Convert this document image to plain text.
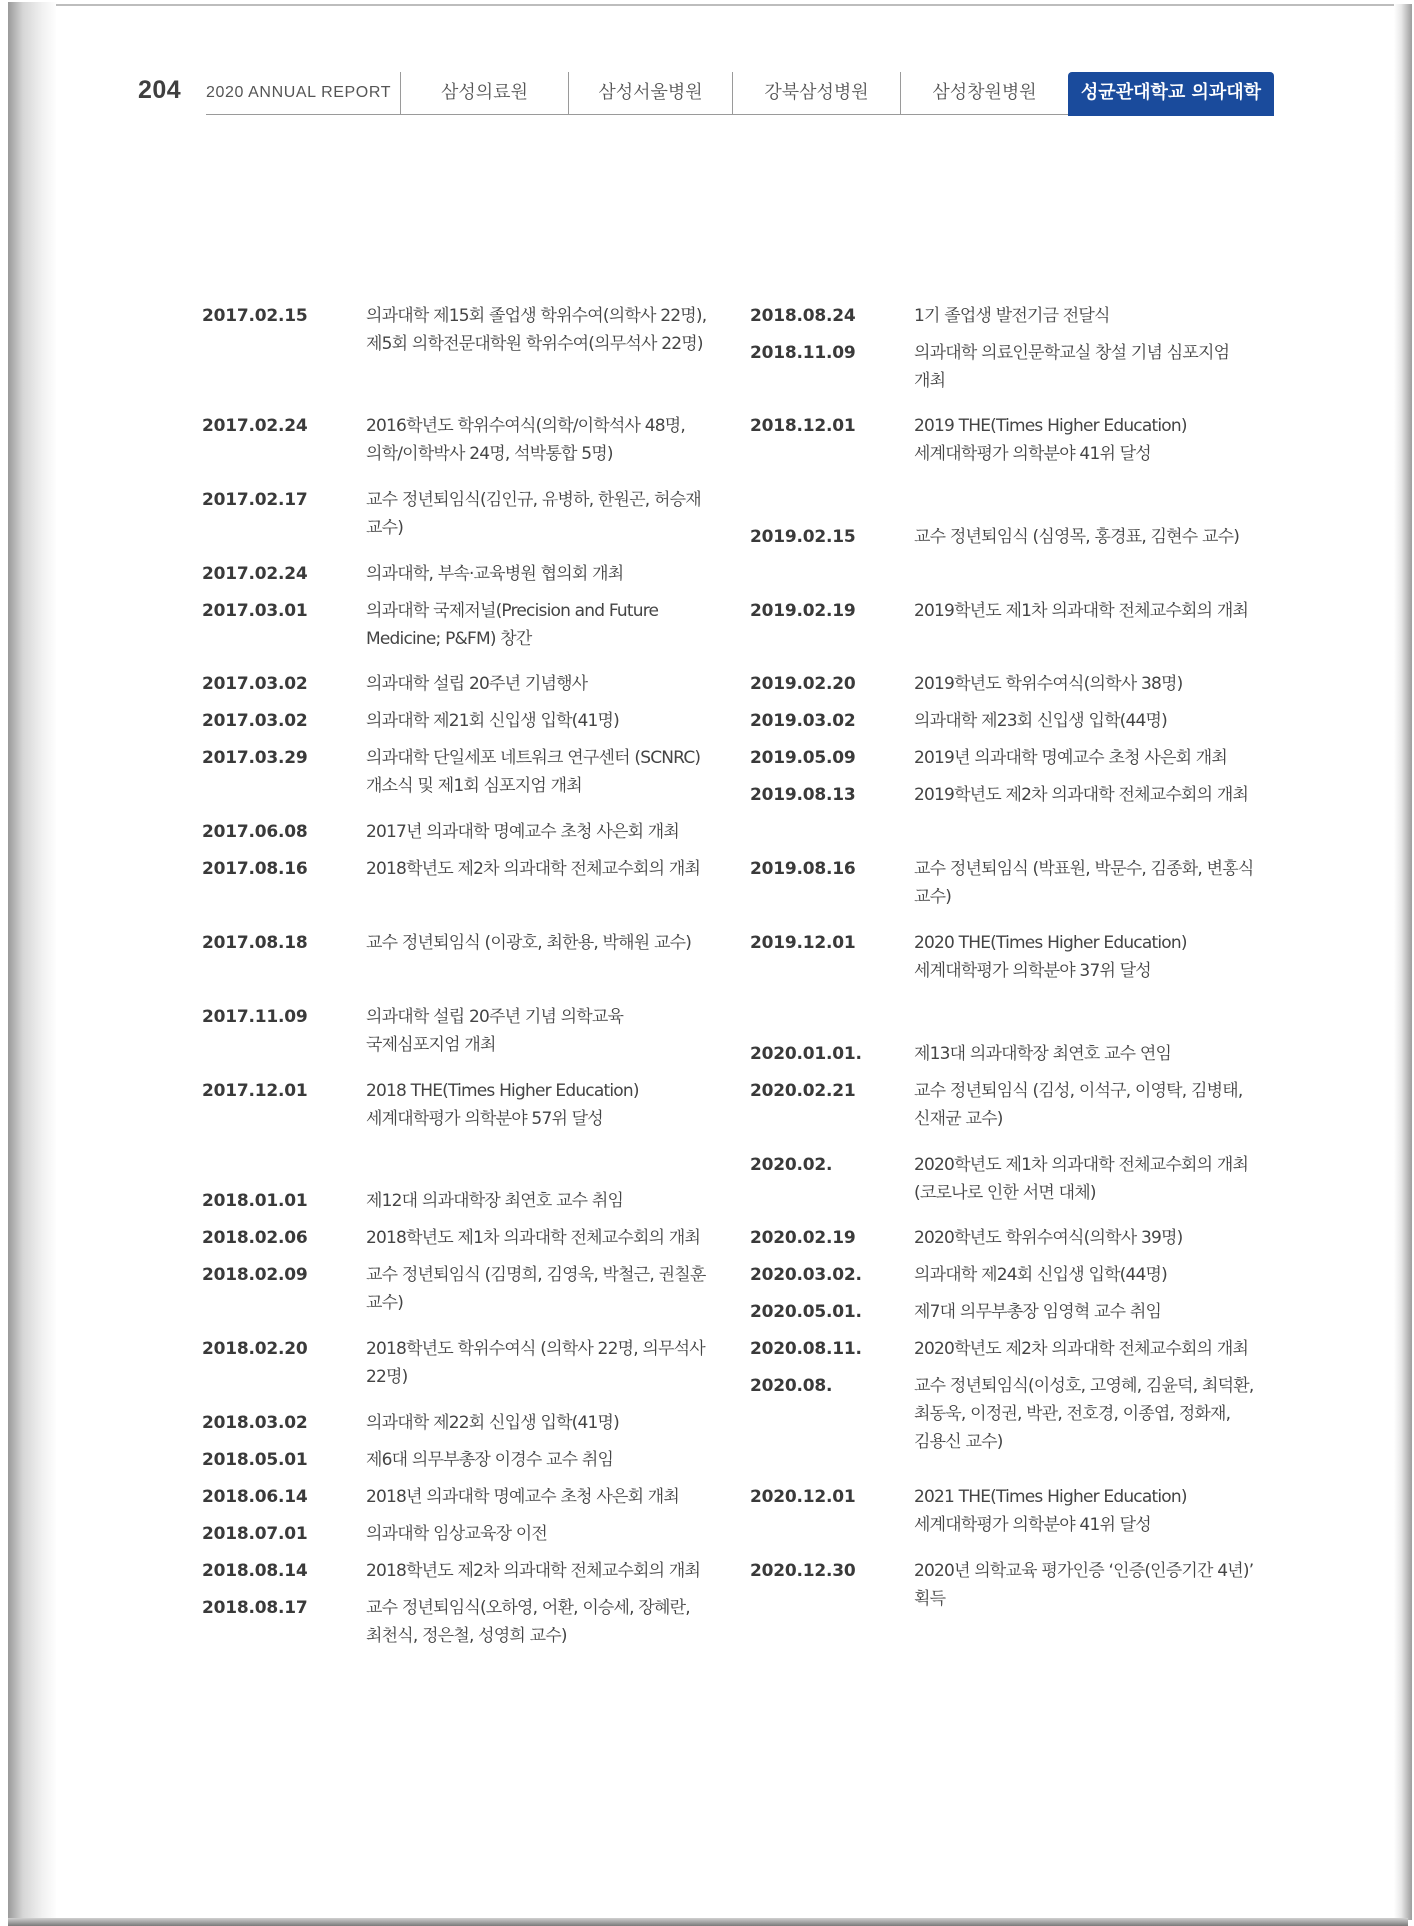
204 2020 ANNUAL REPORT	삼성의료원	삼성서울병원	강북삼성병원	삼성창원병원	성균관대학교 의과대학
2017.02.15	의과대학 제15회 졸업생 학위수여(의학사 22명), 제5회 의학전문대학원 학위수여(의무석사 22명)
2017.02.24	2016학년도 학위수여식(의학/이학석사 48명, 의학/이학박사 24명, 석박통합 5명)
2017.02.17	교수 정년퇴임식(김인규, 유병하, 한원곤, 허승재 교수)
2017.02.24	의과대학, 부속·교육병원 협의회 개최
2017.03.01	의과대학 국제저널(Precision and Future Medicine; P&FM) 창간
2017.03.02	의과대학 설립 20주년 기념행사
2017.03.02	의과대학 제21회 신입생 입학(41명)
2017.03.29	의과대학 단일세포 네트워크 연구센터 (SCNRC) 개소식 및 제1회 심포지엄 개최
2017.06.08	2017년 의과대학 명예교수 초청 사은회 개최
2017.08.16	2018학년도 제2차 의과대학 전체교수회의 개최
2017.08.18	교수 정년퇴임식 (이광호, 최한용, 박해원 교수)
2017.11.09	의과대학 설립 20주년 기념 의학교육 국제심포지엄 개최
2017.12.01	2018 THE(Times Higher Education) 세계대학평가 의학분야 57위 달성
2018.01.01	제12대 의과대학장 최연호 교수 취임
2018.02.06	2018학년도 제1차 의과대학 전체교수회의 개최
2018.02.09	교수 정년퇴임식 (김명희, 김영욱, 박철근, 권칠훈 교수)
2018.02.20	2018학년도 학위수여식 (의학사 22명, 의무석사 22명)
2018.03.02	의과대학 제22회 신입생 입학(41명)
2018.05.01	제6대 의무부총장 이경수 교수 취임
2018.06.14	2018년 의과대학 명예교수 초청 사은회 개최
2018.07.01	의과대학 임상교육장 이전
2018.08.14	2018학년도 제2차 의과대학 전체교수회의 개최
2018.08.17	교수 정년퇴임식(오하영, 어환, 이승세, 장혜란, 최천식, 정은철, 성영희 교수)
2018.08.24	1기 졸업생 발전기금 전달식
2018.11.09	의과대학 의료인문학교실 창설 기념 심포지엄 개최
2018.12.01	2019 THE(Times Higher Education) 세계대학평가 의학분야 41위 달성
2019.02.15	교수 정년퇴임식 (심영목, 홍경표, 김현수 교수)
2019.02.19	2019학년도 제1차 의과대학 전체교수회의 개최
2019.02.20	2019학년도 학위수여식(의학사 38명)
2019.03.02	의과대학 제23회 신입생 입학(44명)
2019.05.09	2019년 의과대학 명예교수 초청 사은회 개최
2019.08.13	2019학년도 제2차 의과대학 전체교수회의 개최
2019.08.16	교수 정년퇴임식 (박표원, 박문수, 김종화, 변홍식 교수)
2019.12.01	2020 THE(Times Higher Education) 세계대학평가 의학분야 37위 달성
2020.01.01.	제13대 의과대학장 최연호 교수 연임
2020.02.21	교수 정년퇴임식 (김성, 이석구, 이영탁, 김병태, 신재균 교수)
2020.02.	2020학년도 제1차 의과대학 전체교수회의 개최(코로나로 인한 서면 대체)
2020.02.19	2020학년도 학위수여식(의학사 39명)
2020.03.02.	의과대학 제24회 신입생 입학(44명)
2020.05.01.	제7대 의무부총장 임영혁 교수 취임
2020.08.11.	2020학년도 제2차 의과대학 전체교수회의 개최
2020.08.	교수 정년퇴임식(이성호, 고영혜, 김윤덕, 최덕환, 최동욱, 이정권, 박관, 전호경, 이종엽, 정화재, 김용신 교수)
2020.12.01	2021 THE(Times Higher Education) 세계대학평가 의학분야 41위 달성
2020.12.30	2020년 의학교육 평가인증 ‘인증(인증기간 4년)’ 획득
